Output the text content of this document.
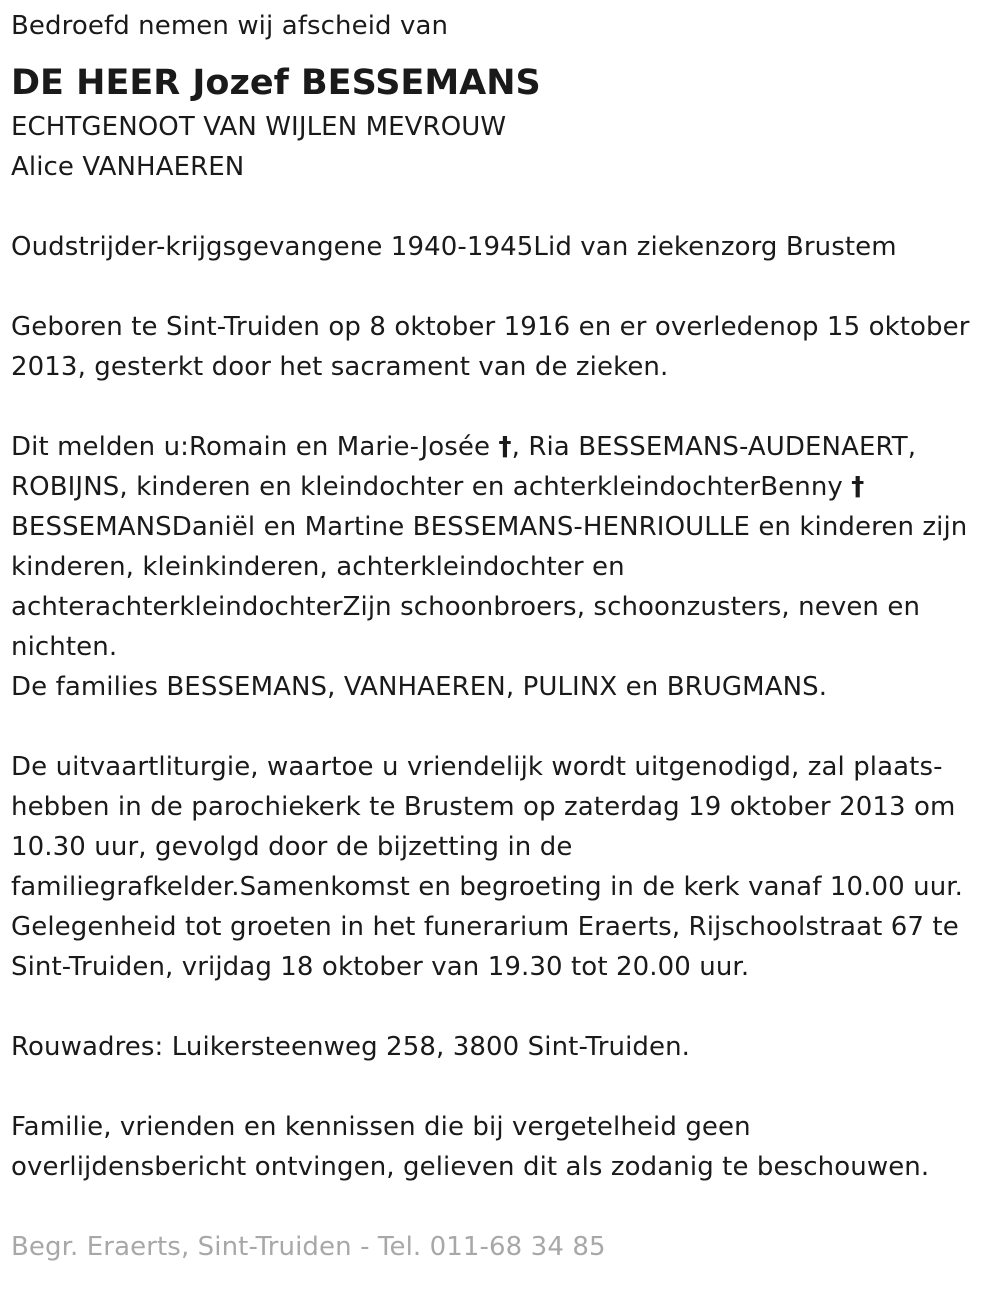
Bedroefd nemen wij afscheid van
DE HEER Jozef BESSEMANS
ECHTGENOOT VAN WIJLEN MEVROUW
Alice VANHAEREN
Oudstrijder-krijgsgevangene 1940-1945Lid van ziekenzorg Brustem
Geboren te Sint-Truiden op 8 oktober 1916 en er overledenop 15 oktober
2013, gesterkt door het sacrament van de zieken.
Dit melden u:Romain en Marie-Josée †, Ria BESSEMANS-AUDENAERT,
ROBIJNS, kinderen en kleindochter en achterkleindochterBenny †
BESSEMANSDaniël en Martine BESSEMANS-HENRIOULLE en kinderen zijn
kinderen, kleinkinderen, achterkleindochter en
achterachterkleindochterZijn schoonbroers, schoonzusters, neven en
nichten.
De families BESSEMANS, VANHAEREN, PULINX en BRUGMANS.
De uitvaartliturgie, waartoe u vriendelijk wordt uitgenodigd, zal plaats-
hebben in de parochiekerk te Brustem op zaterdag 19 oktober 2013 om
10.30 uur, gevolgd door de bijzetting in de
familiegrafkelder.Samenkomst en begroeting in de kerk vanaf 10.00 uur.
Gelegenheid tot groeten in het funerarium Eraerts, Rijschoolstraat 67 te
Sint-Truiden, vrijdag 18 oktober van 19.30 tot 20.00 uur.
Rouwadres: Luikersteenweg 258, 3800 Sint-Truiden.
Familie, vrienden en kennissen die bij vergetelheid geen
overlijdensbericht ontvingen, gelieven dit als zodanig te beschouwen.
Begr. Eraerts, Sint-Truiden - Tel. 011-68 34 85
